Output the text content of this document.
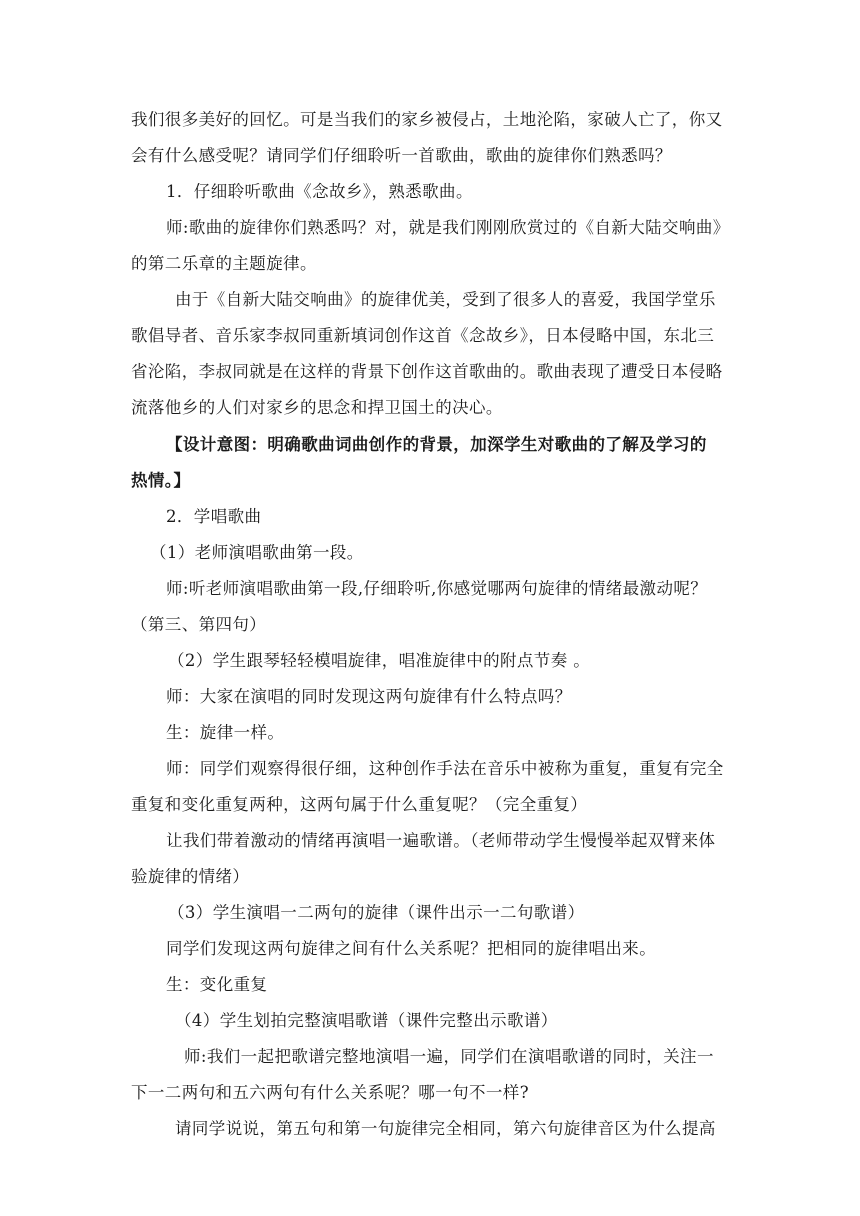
我们很多美好的回忆。可是当我们的家乡被侵占，土地沦陷，家破人亡了，你又
会有什么感受呢？请同学们仔细聆听一首歌曲，歌曲的旋律你们熟悉吗？
1．仔细聆听歌曲《念故乡》，熟悉歌曲。
师:歌曲的旋律你们熟悉吗？对，就是我们刚刚欣赏过的《自新大陆交响曲》
的第二乐章的主题旋律。
由于《自新大陆交响曲》的旋律优美，受到了很多人的喜爱，我国学堂乐
歌倡导者、音乐家李叔同重新填词创作这首《念故乡》，日本侵略中国，东北三
省沦陷，李叔同就是在这样的背景下创作这首歌曲的。歌曲表现了遭受日本侵略
流落他乡的人们对家乡的思念和捍卫国土的决心。
【设计意图：明确歌曲词曲创作的背景，加深学生对歌曲的了解及学习的
热情。】
2．学唱歌曲
（1）老师演唱歌曲第一段。
师:听老师演唱歌曲第一段,仔细聆听,你感觉哪两句旋律的情绪最激动呢？
（第三、第四句）
（2）学生跟琴轻轻模唱旋律，唱准旋律中的附点节奏 。
师：大家在演唱的同时发现这两句旋律有什么特点吗？
生：旋律一样。
师：同学们观察得很仔细，这种创作手法在音乐中被称为重复，重复有完全
重复和变化重复两种，这两句属于什么重复呢？（完全重复）
让我们带着激动的情绪再演唱一遍歌谱。（老师带动学生慢慢举起双臂来体
验旋律的情绪）
（3）学生演唱一二两句的旋律（课件出示一二句歌谱）
同学们发现这两句旋律之间有什么关系呢？把相同的旋律唱出来。
生：变化重复
（4）学生划拍完整演唱歌谱（课件完整出示歌谱）
师:我们一起把歌谱完整地演唱一遍，同学们在演唱歌谱的同时，关注一
下一二两句和五六两句有什么关系呢？哪一句不一样?
请同学说说，第五句和第一句旋律完全相同，第六句旋律音区为什么提高
